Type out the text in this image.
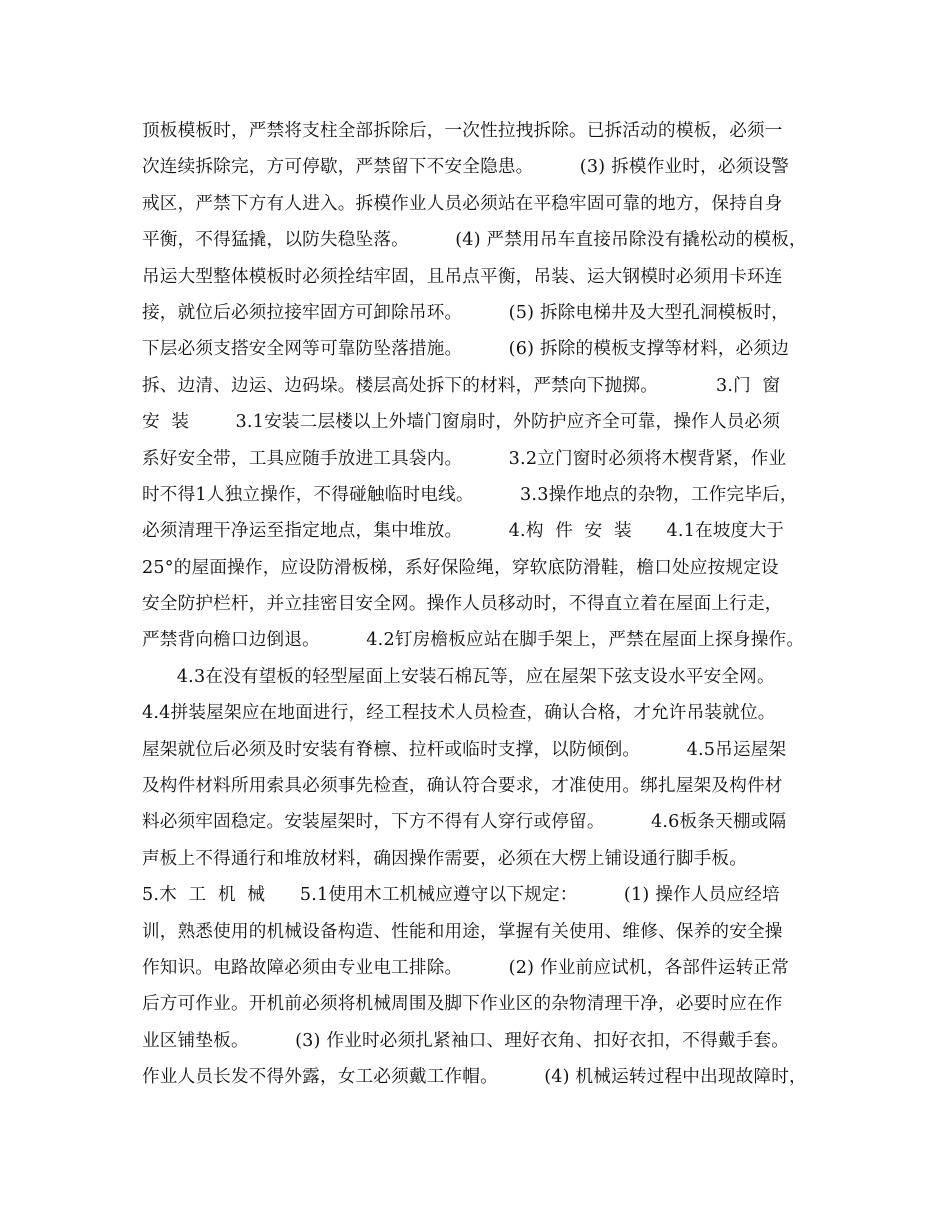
顶板模板时，严禁将支柱全部拆除后，一次性拉拽拆除。已拆活动的模板，必须一
次连续拆除完，方可停歇，严禁留下不安全隐患。        (3) 拆模作业时，必须设警
戒区，严禁下方有人进入。拆模作业人员必须站在平稳牢固可靠的地方，保持自身
平衡，不得猛撬，以防失稳坠落。        (4) 严禁用吊车直接吊除没有撬松动的模板，
吊运大型整体模板时必须拴结牢固，且吊点平衡，吊装、运大钢模时必须用卡环连
接，就位后必须拉接牢固方可卸除吊环。        (5) 拆除电梯井及大型孔洞模板时，
下层必须支搭安全网等可靠防坠落措施。        (6) 拆除的模板支撑等材料，必须边
拆、边清、边运、边码垛。楼层高处拆下的材料，严禁向下抛掷。          3.门  窗
安  装        3.1安装二层楼以上外墙门窗扇时，外防护应齐全可靠，操作人员必须
系好安全带，工具应随手放进工具袋内。        3.2立门窗时必须将木楔背紧，作业
时不得1人独立操作，不得碰触临时电线。        3.3操作地点的杂物，工作完毕后，
必须清理干净运至指定地点，集中堆放。        4.构  件  安  装      4.1在坡度大于
25°的屋面操作，应设防滑板梯，系好保险绳，穿软底防滑鞋，檐口处应按规定设
安全防护栏杆，并立挂密目安全网。操作人员移动时，不得直立着在屋面上行走，
严禁背向檐口边倒退。        4.2钉房檐板应站在脚手架上，严禁在屋面上探身操作。
4.3在没有望板的轻型屋面上安装石棉瓦等，应在屋架下弦支设水平安全网。
4.4拼装屋架应在地面进行，经工程技术人员检查，确认合格，才允许吊装就位。
屋架就位后必须及时安装有脊檩、拉杆或临时支撑，以防倾倒。        4.5吊运屋架
及构件材料所用索具必须事先检查，确认符合要求，才准使用。绑扎屋架及构件材
料必须牢固稳定。安装屋架时，下方不得有人穿行或停留。        4.6板条天棚或隔
声板上不得通行和堆放材料，确因操作需要，必须在大楞上铺设通行脚手板。
5.木  工  机  械      5.1使用木工机械应遵守以下规定：        (1) 操作人员应经培
训，熟悉使用的机械设备构造、性能和用途，掌握有关使用、维修、保养的安全操
作知识。电路故障必须由专业电工排除。        (2) 作业前应试机，各部件运转正常
后方可作业。开机前必须将机械周围及脚下作业区的杂物清理干净，必要时应在作
业区铺垫板。        (3) 作业时必须扎紧袖口、理好衣角、扣好衣扣，不得戴手套。
作业人员长发不得外露，女工必须戴工作帽。        (4) 机械运转过程中出现故障时，
